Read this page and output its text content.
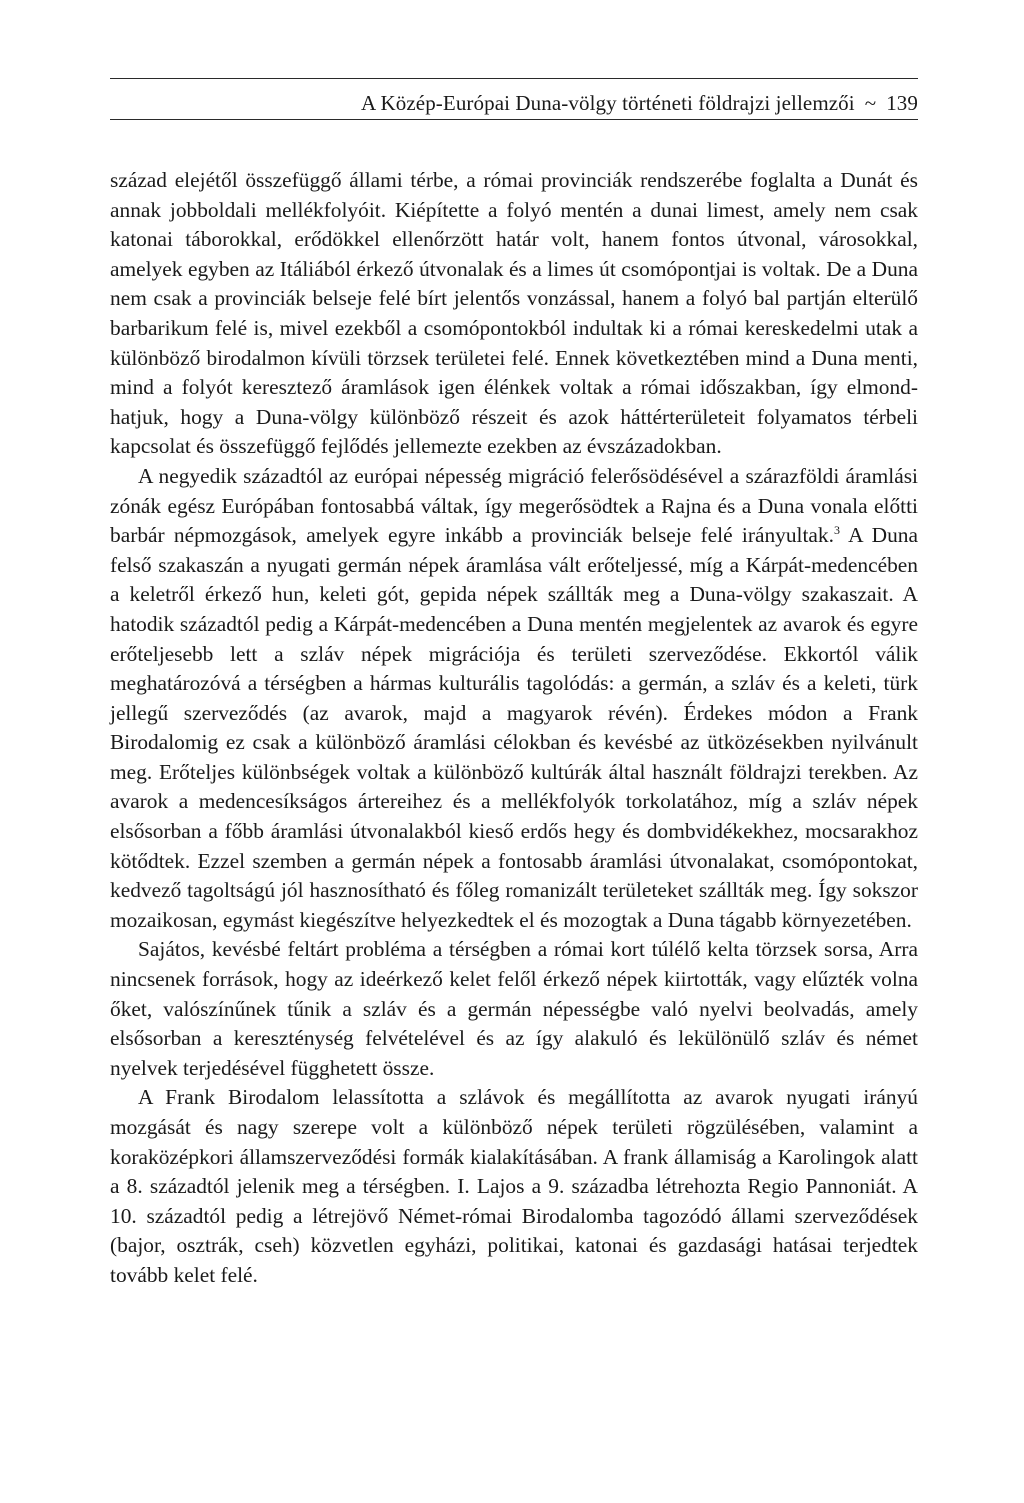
A Közép-Európai Duna-völgy történeti földrajzi jellemzői ~ 139

század elejétől összefüggő állami térbe, a római provinciák rendszerébe foglalta a Dunát és annak jobboldali mellékfolyóit. Kiépítette a folyó mentén a dunai limest, amely nem csak katonai táborokkal, erődökkel ellenőrzött határ volt, hanem fontos útvonal, városokkal, amelyek egyben az Itáliából érkező útvonalak és a limes út csomópontjai is voltak. De a Duna nem csak a provinciák belseje felé bírt jelentős vonzással, hanem a folyó bal partján elterülő barbarikum felé is, mivel ezekből a csomópontokból indultak ki a római kereskedelmi utak a különböző birodalmon kívüli törzsek területei felé. Ennek következtében mind a Duna menti, mind a folyót keresztező áramlások igen élénkek voltak a római időszakban, így elmondhatjuk, hogy a Duna-völgy különböző részeit és azok háttérterületeit folyamatos térbeli kapcsolat és összefüggő fejlődés jellemezte ezekben az évszázadokban.

A negyedik századtól az európai népesség migráció felerősödésével a szárazföldi áramlási zónák egész Európában fontosabbá váltak, így megerősödtek a Rajna és a Duna vonala előtti barbár népmozgások, amelyek egyre inkább a provinciák belseje felé irányultak.$^3$ A Duna felső szakaszán a nyugati germán népek áramlása vált erőteljessé, míg a Kárpát-medencében a keletről érkező hun, keleti gót, gepida népek szállták meg a Duna-völgy szakaszait. A hatodik századtól pedig a Kárpát-medencében a Duna mentén megjelentek az avarok és egyre erőteljesebb lett a szláv népek migrációja és területi szerveződése. Ekkortól válik meghatározóvá a térségben a hármas kulturális tagolódás: a germán, a szláv és a keleti, türk jellegű szerveződés (az avarok, majd a magyarok révén). Érdekes módon a Frank Birodalomig ez csak a különböző áramlási célokban és kevésbé az ütközésekben nyilvánult meg. Erőteljes különbségek voltak a különböző kultúrák által használt földrajzi terekben. Az avarok a medencesíkságos ártereihez és a mellékfolyók torkolatához, míg a szláv népek elsősorban a főbb áramlási útvonalakból kieső erdős hegy és dombvidékekhez, mocsarakhoz kötődtek. Ezzel szemben a germán népek a fontosabb áramlási útvonalakat, csomópontokat, kedvező tagoltságú jól hasznosítható és főleg romanizált területeket szállták meg. Így sokszor mozaikosan, egymást kiegészítve helyezkedtek el és mozogtak a Duna tágabb környezetében.

Sajátos, kevésbé feltárt probléma a térségben a római kort túlélő kelta törzsek sorsa, Arra nincsenek források, hogy az ideérkező kelet felől érkező népek kiirtották, vagy elűzték volna őket, valószínűnek tűnik a szláv és a germán népességbe való nyelvi beolvadás, amely elsősorban a kereszténység felvételével és az így alakuló és lekülönülő szláv és német nyelvek terjedésével függhetett össze.

A Frank Birodalom lelassította a szlávok és megállította az avarok nyugati irányú mozgását és nagy szerepe volt a különböző népek területi rögzülésében, valamint a koraközépkori államszerveződési formák kialakításában. A frank államiság a Karolingok alatt a 8. századtól jelenik meg a térségben. I. Lajos a 9. századba létrehozta Regio Pannoniát. A 10. századtól pedig a létrejövő Német-római Birodalomba tagozódó állami szerveződések (bajor, osztrák, cseh) közvetlen egyházi, politikai, katonai és gazdasági hatásai terjedtek tovább kelet felé.
